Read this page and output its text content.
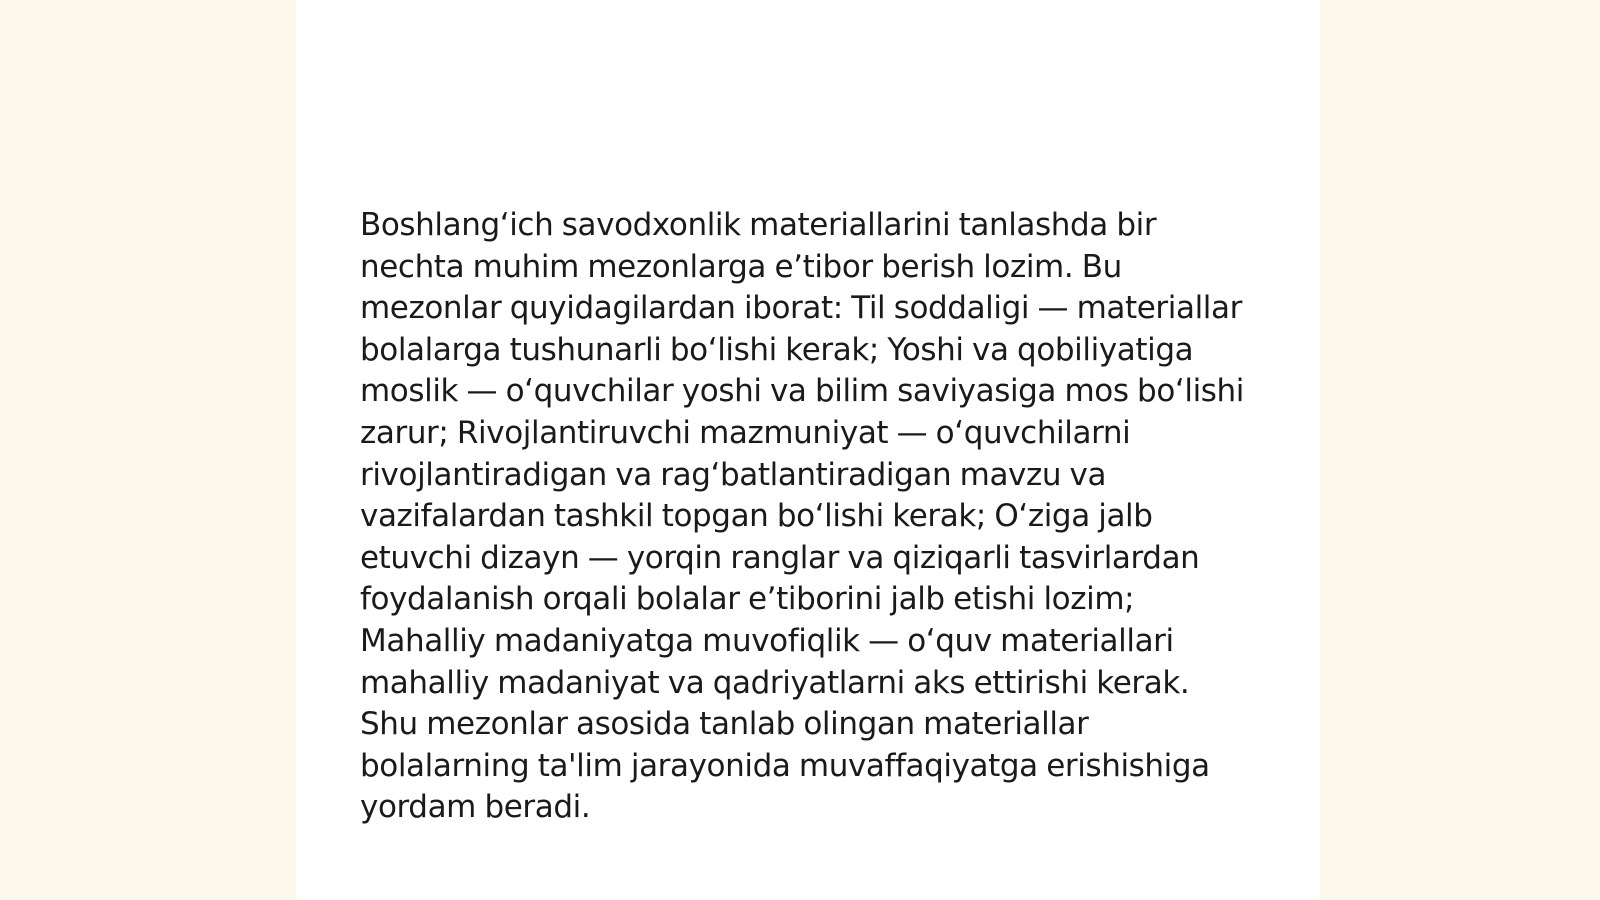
Boshlang‘ich savodxonlik materiallarini tanlashda bir nechta muhim mezonlarga e’tibor berish lozim. Bu mezonlar quyidagilardan iborat: Til soddaligi — materiallar bolalarga tushunarli bo‘lishi kerak; Yoshi va qobiliyatiga moslik — o‘quvchilar yoshi va bilim saviyasiga mos bo‘lishi zarur; Rivojlantiruvchi mazmuniyat — o‘quvchilarni rivojlantiradigan va rag‘batlantiradigan mavzu va vazifalardan tashkil topgan bo‘lishi kerak; O‘ziga jalb etuvchi dizayn — yorqin ranglar va qiziqarli tasvirlardan foydalanish orqali bolalar e’tiborini jalb etishi lozim; Mahalliy madaniyatga muvofiqlik — o‘quv materiallari mahalliy madaniyat va qadriyatlarni aks ettirishi kerak. Shu mezonlar asosida tanlab olingan materiallar bolalarning ta'lim jarayonida muvaffaqiyatga erishishiga yordam beradi.
